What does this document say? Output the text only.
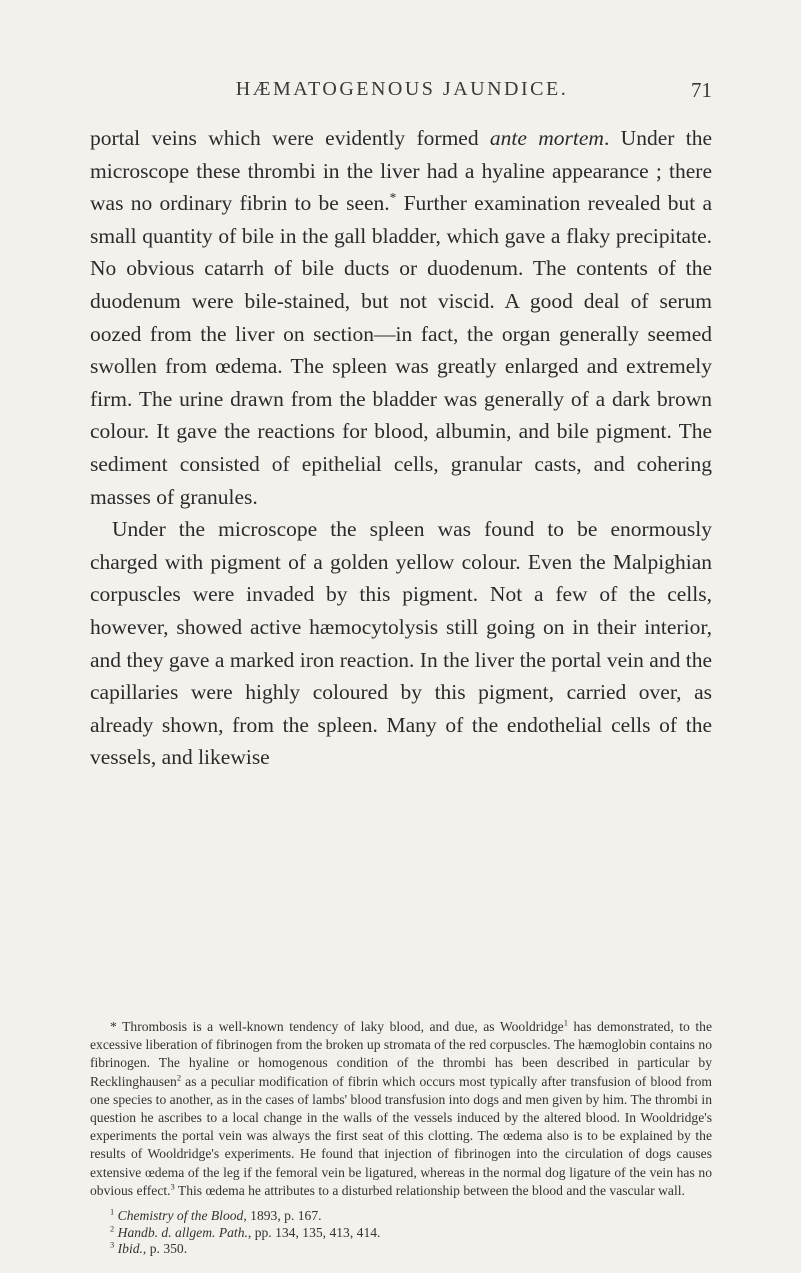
HÆMATOGENOUS JAUNDICE.	71

portal veins which were evidently formed ante mortem. Under the microscope these thrombi in the liver had a hyaline appearance ; there was no ordinary fibrin to be seen.* Further examination revealed but a small quantity of bile in the gall bladder, which gave a flaky precipitate. No obvious catarrh of bile ducts or duodenum. The contents of the duodenum were bile-stained, but not viscid. A good deal of serum oozed from the liver on section—in fact, the organ generally seemed swollen from œdema. The spleen was greatly enlarged and extremely firm. The urine drawn from the bladder was generally of a dark brown colour. It gave the reactions for blood, albumin, and bile pigment. The sediment consisted of epithelial cells, granular casts, and cohering masses of granules.

Under the microscope the spleen was found to be enormously charged with pigment of a golden yellow colour. Even the Malpighian corpuscles were invaded by this pigment. Not a few of the cells, however, showed active hæmocytolysis still going on in their interior, and they gave a marked iron reaction. In the liver the portal vein and the capillaries were highly coloured by this pigment, carried over, as already shown, from the spleen. Many of the endothelial cells of the vessels, and likewise

* Thrombosis is a well-known tendency of laky blood, and due, as Wooldridge$^1$ has demonstrated, to the excessive liberation of fibrinogen from the broken up stromata of the red corpuscles. The hæmoglobin contains no fibrinogen. The hyaline or homogenous condition of the thrombi has been described in particular by Recklinghausen$^2$ as a peculiar modification of fibrin which occurs most typically after transfusion of blood from one species to another, as in the cases of lambs' blood transfusion into dogs and men given by him. The thrombi in question he ascribes to a local change in the walls of the vessels induced by the altered blood. In Wooldridge's experiments the portal vein was always the first seat of this clotting. The œdema also is to be explained by the results of Wooldridge's experiments. He found that injection of fibrinogen into the circulation of dogs causes extensive œdema of the leg if the femoral vein be ligatured, whereas in the normal dog ligature of the vein has no obvious effect.$^3$ This œdema he attributes to a disturbed relationship between the blood and the vascular wall.

$^1$ Chemistry of the Blood, 1893, p. 167.
$^2$ Handb. d. allgem. Path., pp. 134, 135, 413, 414.
$^3$ Ibid., p. 350.
